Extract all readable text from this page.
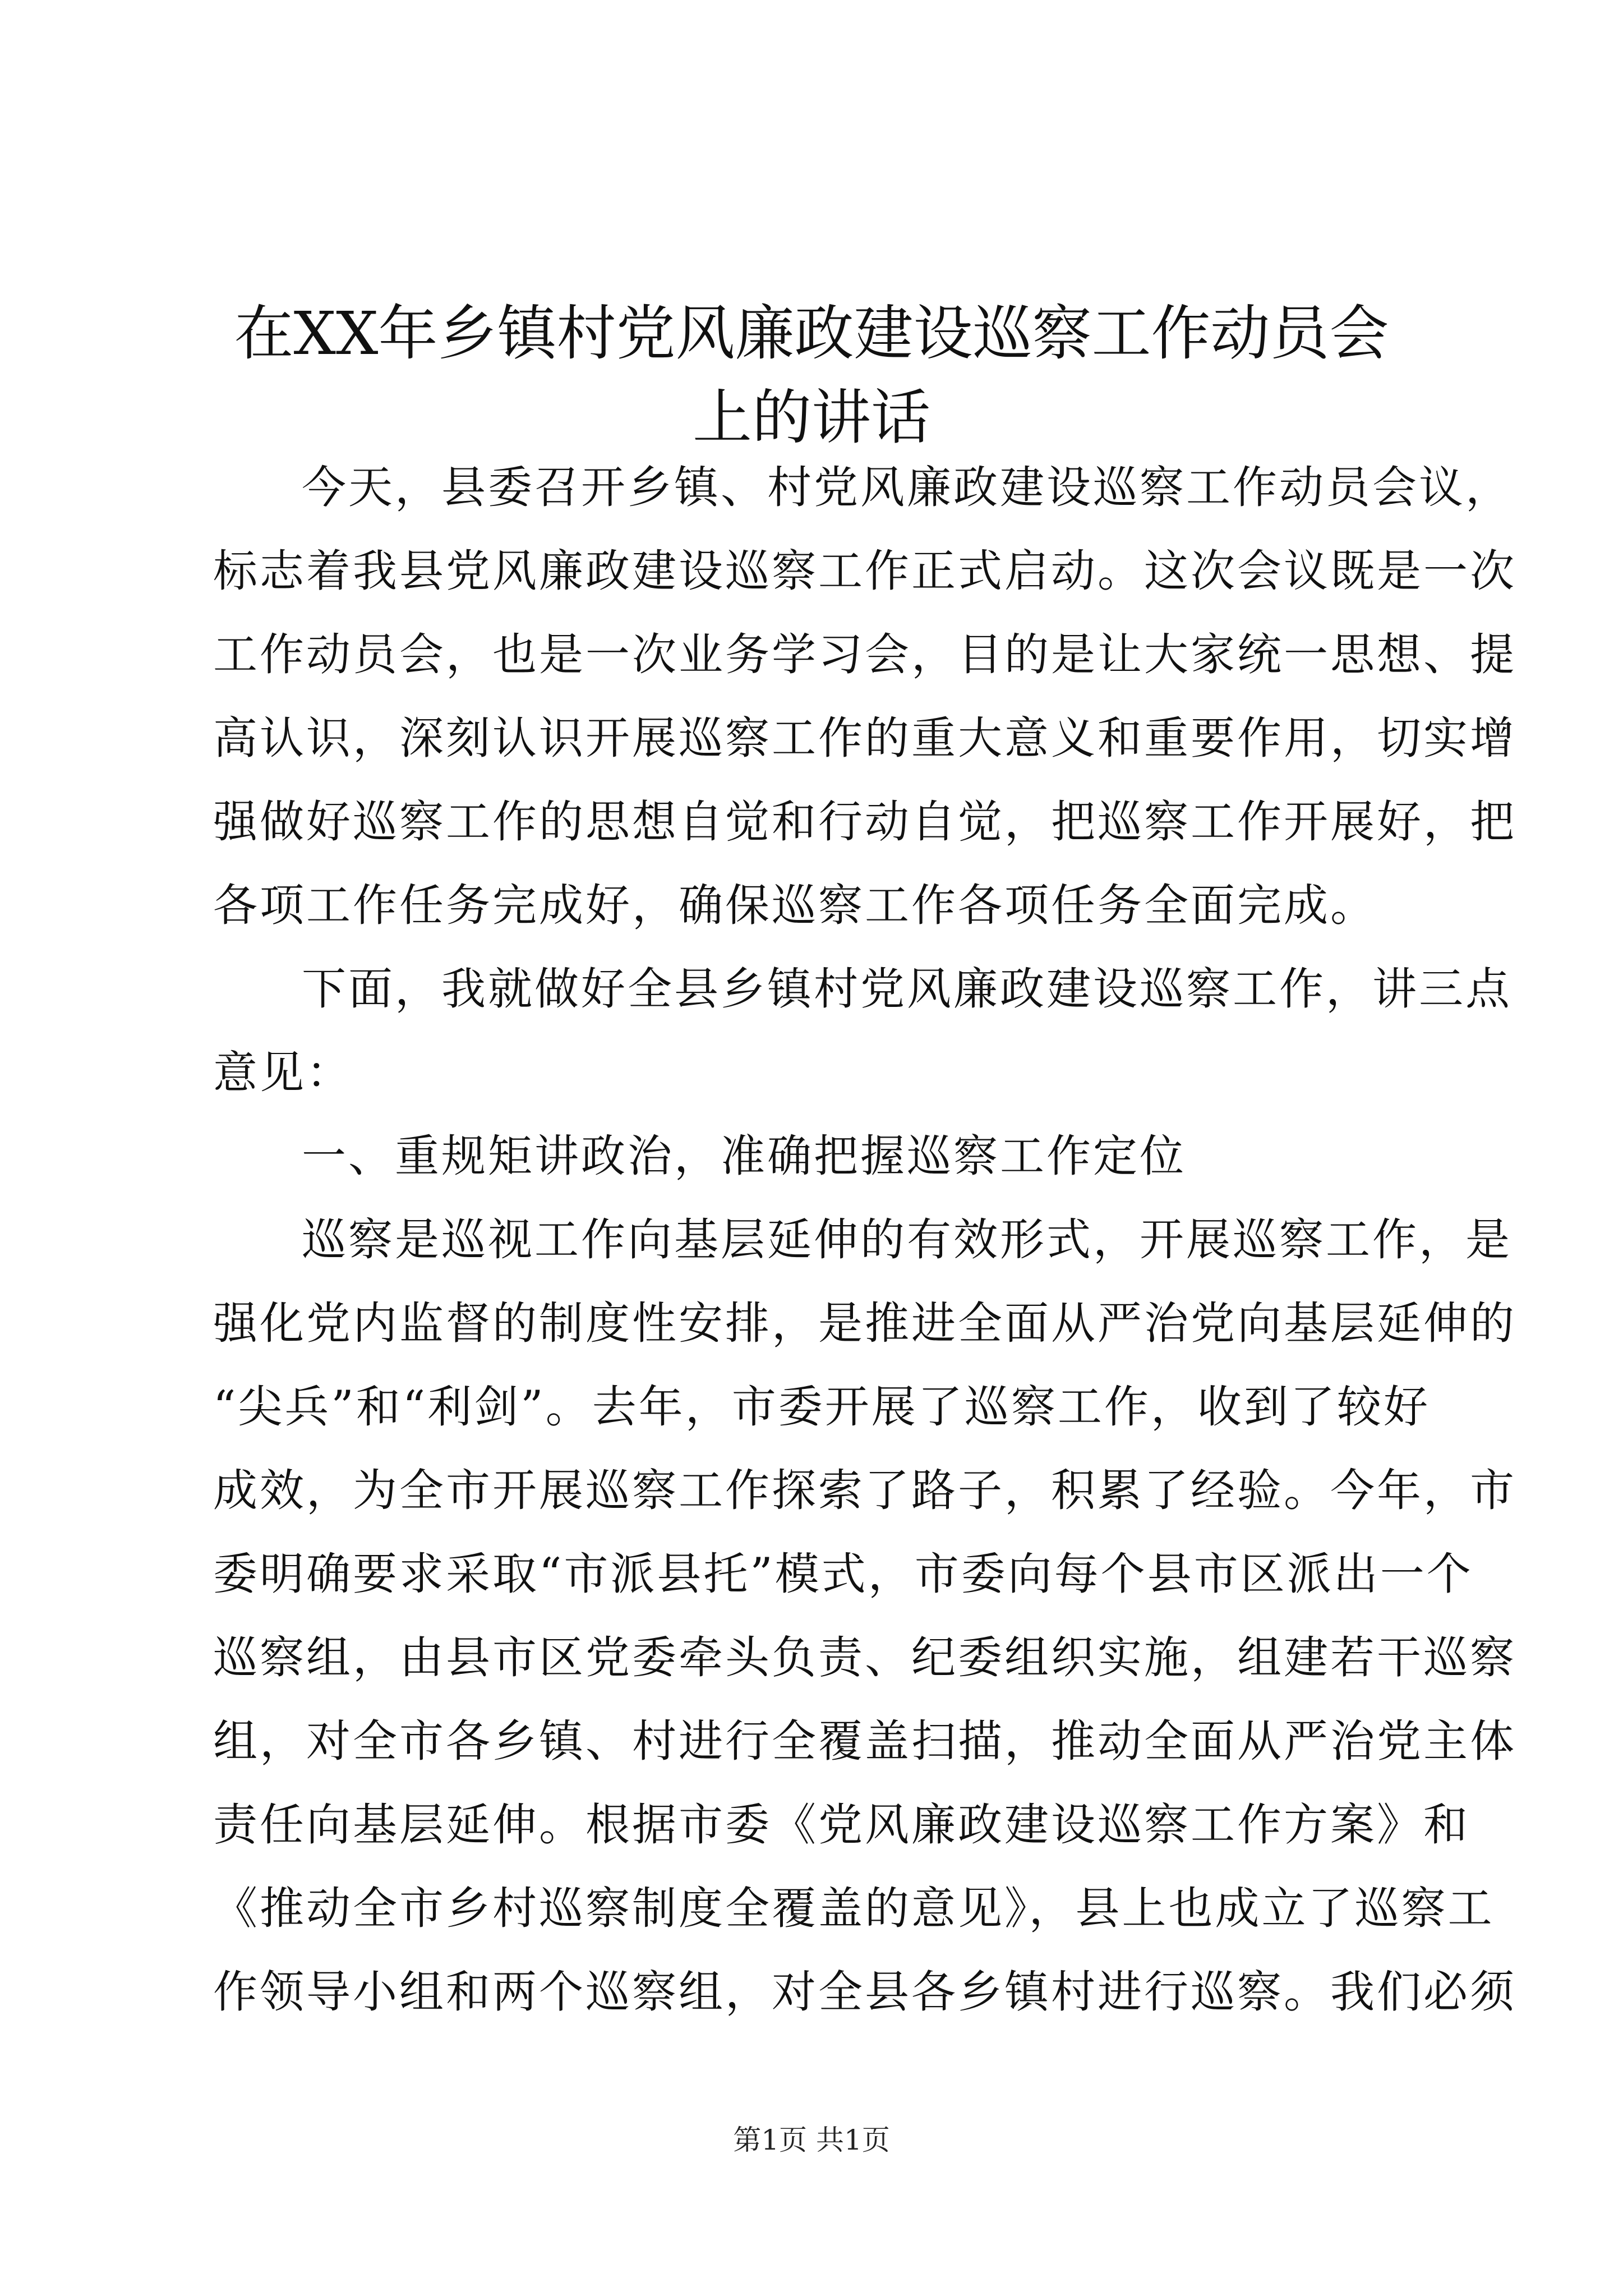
在XX年乡镇村党风廉政建设巡察工作动员会
上的讲话

今天，县委召开乡镇、村党风廉政建设巡察工作动员会议，
标志着我县党风廉政建设巡察工作正式启动。这次会议既是一次
工作动员会，也是一次业务学习会，目的是让大家统一思想、提
高认识，深刻认识开展巡察工作的重大意义和重要作用，切实增
强做好巡察工作的思想自觉和行动自觉，把巡察工作开展好，把
各项工作任务完成好，确保巡察工作各项任务全面完成。

下面，我就做好全县乡镇村党风廉政建设巡察工作，讲三点
意见：

一、重规矩讲政治，准确把握巡察工作定位

巡察是巡视工作向基层延伸的有效形式，开展巡察工作，是
强化党内监督的制度性安排，是推进全面从严治党向基层延伸的
“尖兵”和“利剑”。去年，市委开展了巡察工作，收到了较好
成效，为全市开展巡察工作探索了路子，积累了经验。今年，市
委明确要求采取“市派县托”模式，市委向每个县市区派出一个
巡察组，由县市区党委牵头负责、纪委组织实施，组建若干巡察
组，对全市各乡镇、村进行全覆盖扫描，推动全面从严治党主体
责任向基层延伸。根据市委《党风廉政建设巡察工作方案》和
《推动全市乡村巡察制度全覆盖的意见》，县上也成立了巡察工
作领导小组和两个巡察组，对全县各乡镇村进行巡察。我们必须

第1页 共1页
